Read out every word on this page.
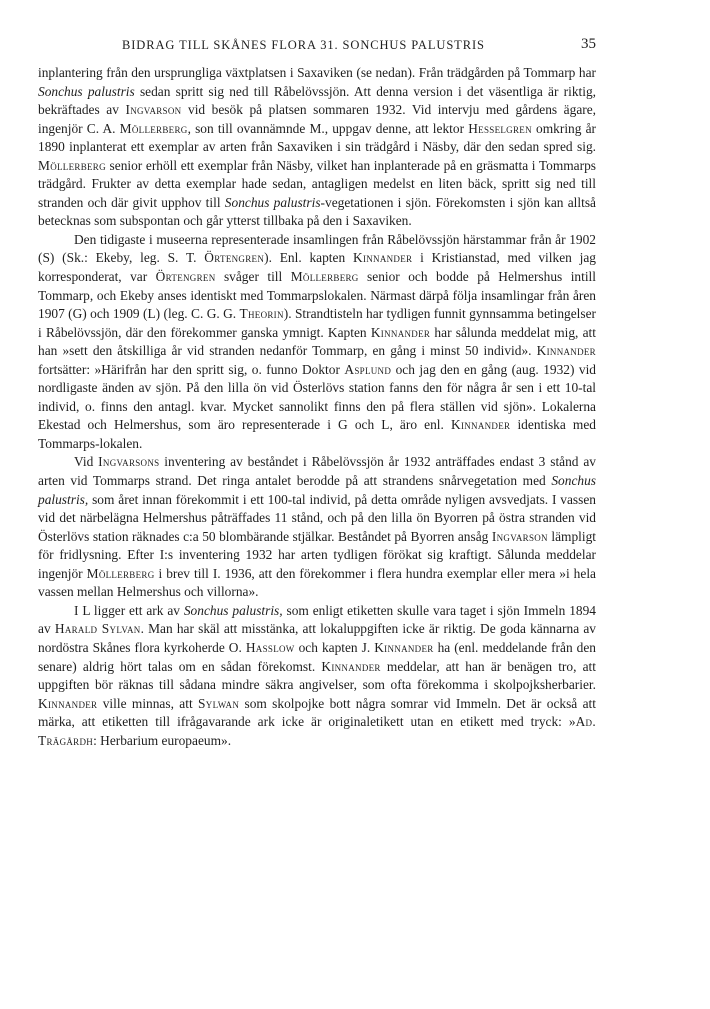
BIDRAG TILL SKÅNES FLORA 31. SONCHUS PALUSTRIS	35

inplantering från den ursprungliga växtplatsen i Saxaviken (se nedan). Från trädgården på Tommarp har Sonchus palustris sedan spritt sig ned till Råbelövssjön. Att denna version i det väsentliga är riktig, bekräftades av Ingvarson vid besök på platsen sommaren 1932. Vid intervju med gårdens ägare, ingenjör C. A. Möllerberg, son till ovannämnde M., uppgav denne, att lektor Hesselgren omkring år 1890 inplanterat ett exemplar av arten från Saxaviken i sin trädgård i Näsby, där den sedan spred sig. Möllerberg senior erhöll ett exemplar från Näsby, vilket han inplanterade på en gräsmatta i Tommarps trädgård. Frukter av detta exemplar hade sedan, antagligen medelst en liten bäck, spritt sig ned till stranden och där givit upphov till Sonchus palustris-vegetationen i sjön. Förekomsten i sjön kan alltså betecknas som subspontan och går ytterst tillbaka på den i Saxaviken.

Den tidigaste i museerna representerade insamlingen från Råbelövssjön härstammar från år 1902 (S) (Sk.: Ekeby, leg. S. T. Örtengren). Enl. kapten Kinnander i Kristianstad, med vilken jag korresponderat, var Örtengren svåger till Möllerberg senior och bodde på Helmershus intill Tommarp, och Ekeby anses identiskt med Tommarpslokalen. Närmast därpå följa insamlingar från åren 1907 (G) och 1909 (L) (leg. C. G. G. Theorin). Strandtisteln har tydligen funnit gynnsamma betingelser i Råbelövssjön, där den förekommer ganska ymnigt. Kapten Kinnander har sålunda meddelat mig, att han »sett den åtskilliga år vid stranden nedanför Tommarp, en gång i minst 50 individ». Kinnander fortsätter: »Härifrån har den spritt sig, o. funno Doktor Asplund och jag den en gång (aug. 1932) vid nordligaste änden av sjön. På den lilla ön vid Österlövs station fanns den för några år sen i ett 10-tal individ, o. finns den antagl. kvar. Mycket sannolikt finns den på flera ställen vid sjön». Lokalerna Ekestad och Helmershus, som äro representerade i G och L, äro enl. Kinnander identiska med Tommarps-lokalen.

Vid Ingvarsons inventering av beståndet i Råbelövssjön år 1932 anträffades endast 3 stånd av arten vid Tommarps strand. Det ringa antalet berodde på att strandens snårvegetation med Sonchus palustris, som året innan förekommit i ett 100-tal individ, på detta område nyligen avsvedjats. I vassen vid det närbelägna Helmershus påträffades 11 stånd, och på den lilla ön Byorren på östra stranden vid Österlövs station räknades c:a 50 blombärande stjälkar. Beståndet på Byorren ansåg Ingvarson lämpligt för fridlysning. Efter I:s inventering 1932 har arten tydligen förökat sig kraftigt. Sålunda meddelar ingenjör Möllerberg i brev till I. 1936, att den förekommer i flera hundra exemplar eller mera »i hela vassen mellan Helmershus och villorna».

I L ligger ett ark av Sonchus palustris, som enligt etiketten skulle vara taget i sjön Immeln 1894 av Harald Sylvan. Man har skäl att misstänka, att lokaluppgiften icke är riktig. De goda kännarna av nordöstra Skånes flora kyrkoherde O. Hasslow och kapten J. Kinnander ha (enl. meddelande från den senare) aldrig hört talas om en sådan förekomst. Kinnander meddelar, att han är benägen tro, att uppgiften bör räknas till sådana mindre säkra angivelser, som ofta förekomma i skolpojksherbarier. Kinnander ville minnas, att Sylwan som skolpojke bott några somrar vid Immeln. Det är också att märka, att etiketten till ifrågavarande ark icke är originaletikett utan en etikett med tryck: »Ad. Trägårdh: Herbarium europaeum».
